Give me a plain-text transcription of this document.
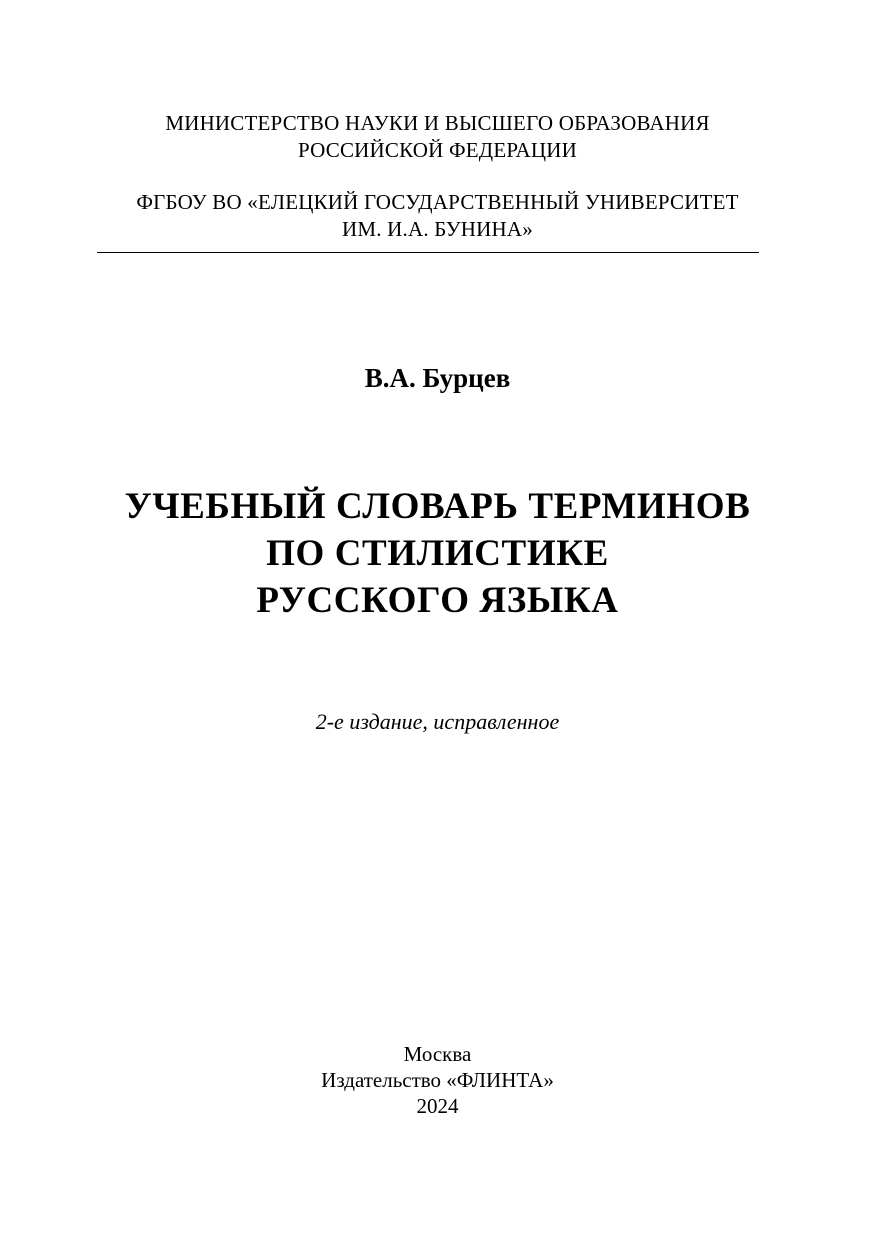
МИНИСТЕРСТВО НАУКИ И ВЫСШЕГО ОБРАЗОВАНИЯ
РОССИЙСКОЙ ФЕДЕРАЦИИ
ФГБОУ ВО «ЕЛЕЦКИЙ ГОСУДАРСТВЕННЫЙ УНИВЕРСИТЕТ
ИМ. И.А. БУНИНА»
В.А. Бурцев
УЧЕБНЫЙ СЛОВАРЬ ТЕРМИНОВ
ПО СТИЛИСТИКЕ
РУССКОГО ЯЗЫКА
2-е издание, исправленное
Москва
Издательство «ФЛИНТА»
2024
